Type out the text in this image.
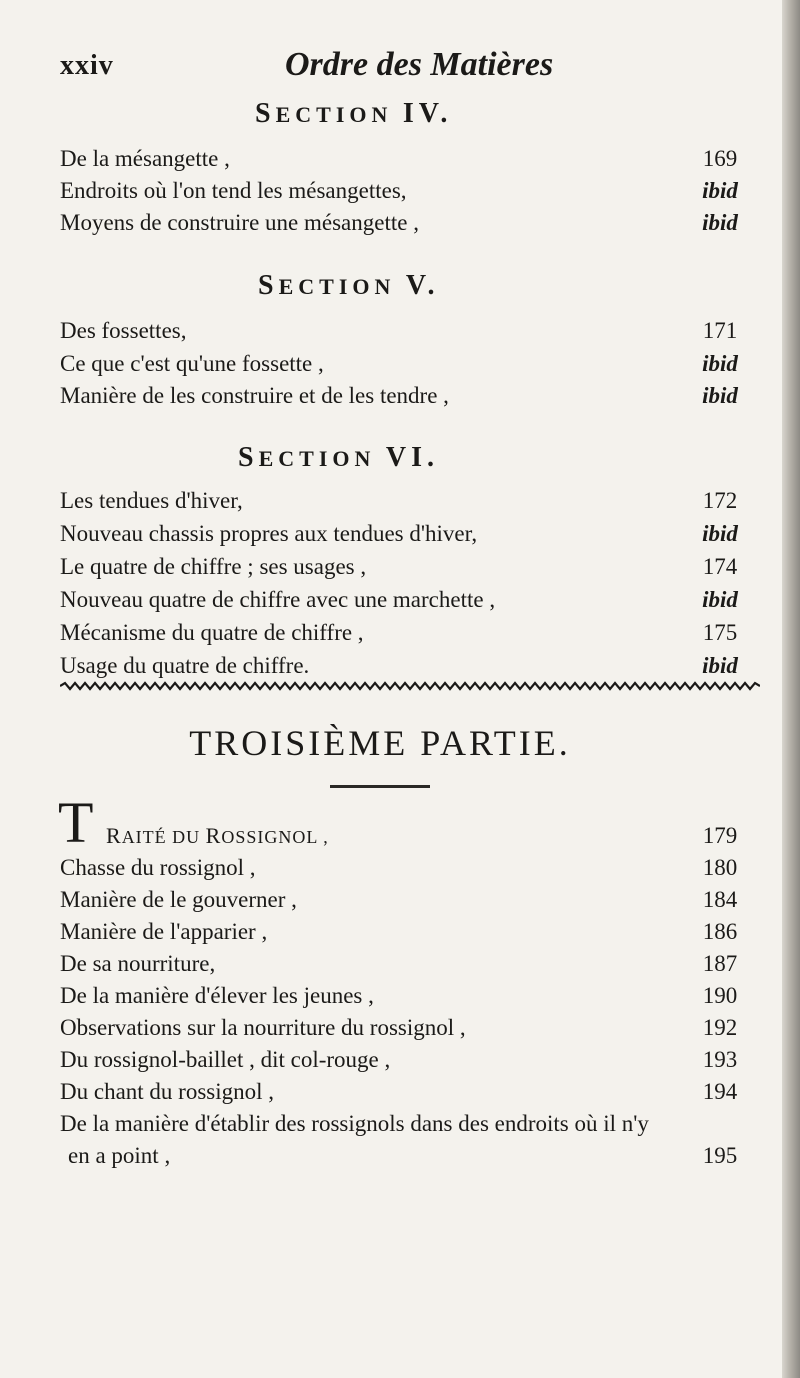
xxiv	Ordre des Matières
SECTION IV.
De la mésangette ,	169
Endroits où l'on tend les mésangettes,	ibid
Moyens de construire une mésangette ,	ibid
SECTION V.
Des fossettes,	171
Ce que c'est qu'une fossette ,	ibid
Manière de les construire et de les tendre ,	ibid
SECTION VI.
Les tendues d'hiver,	172
Nouveau chassis propres aux tendues d'hiver,	ibid
Le quatre de chiffre ; ses usages ,	174
Nouveau quatre de chiffre avec une marchette ,	ibid
Mécanisme du quatre de chiffre ,	175
Usage du quatre de chiffre.	ibid
TROISIÈME PARTIE.
T RAITÉ DU ROSSIGNOL ,	179
Chasse du rossignol ,	180
Manière de le gouverner ,	184
Manière de l'apparier ,	186
De sa nourriture,	187
De la manière d'élever les jeunes ,	190
Observations sur la nourriture du rossignol ,	192
Du rossignol-baillet , dit col-rouge ,	193
Du chant du rossignol ,	194
De la manière d'établir des rossignols dans des endroits où il n'y
en a point ,	195
